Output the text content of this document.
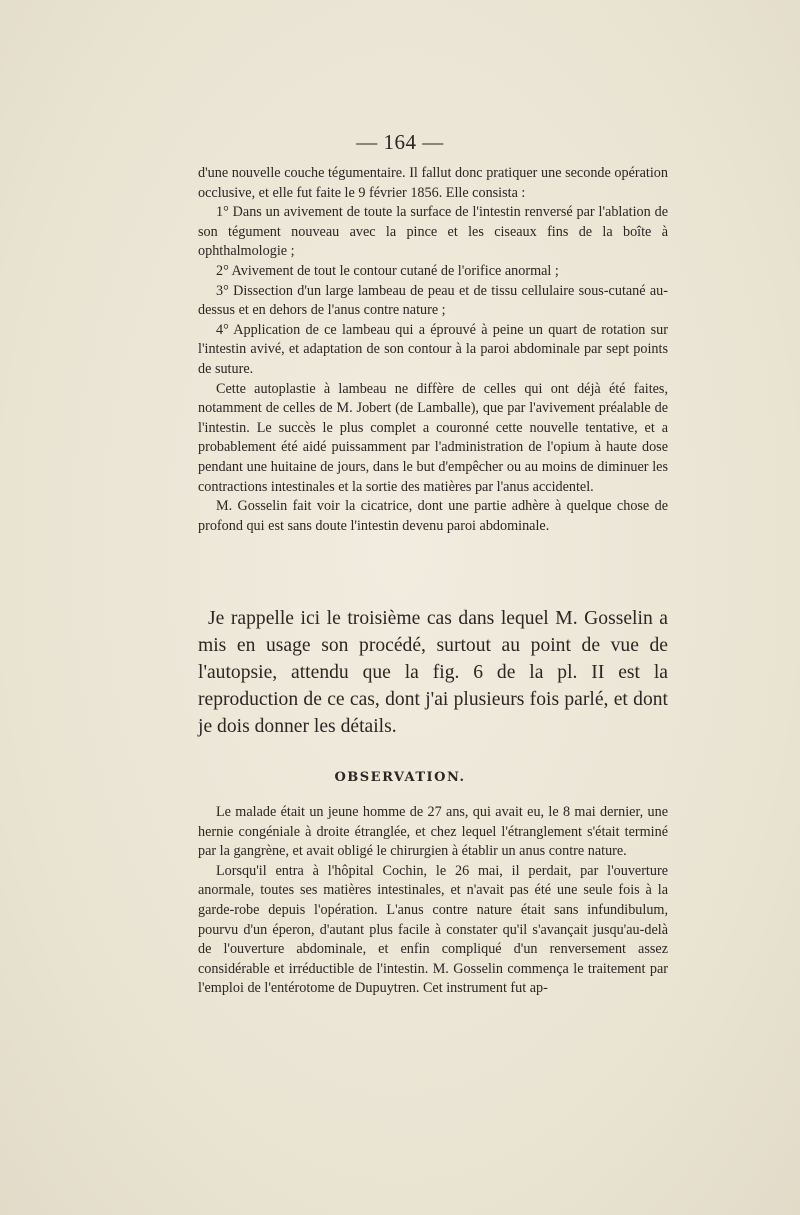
— 164 —

d'une nouvelle couche tégumentaire. Il fallut donc pratiquer une seconde opération occlusive, et elle fut faite le 9 février 1856. Elle consista :

1° Dans un avivement de toute la surface de l'intestin renversé par l'ablation de son tégument nouveau avec la pince et les ciseaux fins de la boîte à ophthalmologie ;

2° Avivement de tout le contour cutané de l'orifice anormal ;

3° Dissection d'un large lambeau de peau et de tissu cellulaire sous-cutané au-dessus et en dehors de l'anus contre nature ;

4° Application de ce lambeau qui a éprouvé à peine un quart de rotation sur l'intestin avivé, et adaptation de son contour à la paroi abdominale par sept points de suture.

Cette autoplastie à lambeau ne diffère de celles qui ont déjà été faites, notamment de celles de M. Jobert (de Lamballe), que par l'avivement préalable de l'intestin. Le succès le plus complet a couronné cette nouvelle tentative, et a probablement été aidé puissamment par l'administration de l'opium à haute dose pendant une huitaine de jours, dans le but d'empêcher ou au moins de diminuer les contractions intestinales et la sortie des matières par l'anus accidentel.

M. Gosselin fait voir la cicatrice, dont une partie adhère à quelque chose de profond qui est sans doute l'intestin devenu paroi abdominale.

Je rappelle ici le troisième cas dans lequel M. Gosselin a mis en usage son procédé, surtout au point de vue de l'autopsie, attendu que la fig. 6 de la pl. II est la reproduction de ce cas, dont j'ai plusieurs fois parlé, et dont je dois donner les détails.

OBSERVATION.

Le malade était un jeune homme de 27 ans, qui avait eu, le 8 mai dernier, une hernie congéniale à droite étranglée, et chez lequel l'étranglement s'était terminé par la gangrène, et avait obligé le chirurgien à établir un anus contre nature.

Lorsqu'il entra à l'hôpital Cochin, le 26 mai, il perdait, par l'ouverture anormale, toutes ses matières intestinales, et n'avait pas été une seule fois à la garde-robe depuis l'opération. L'anus contre nature était sans infundibulum, pourvu d'un éperon, d'autant plus facile à constater qu'il s'avançait jusqu'au-delà de l'ouverture abdominale, et enfin compliqué d'un renversement assez considérable et irréductible de l'intestin. M. Gosselin commença le traitement par l'emploi de l'entérotome de Dupuytren. Cet instrument fut ap-
